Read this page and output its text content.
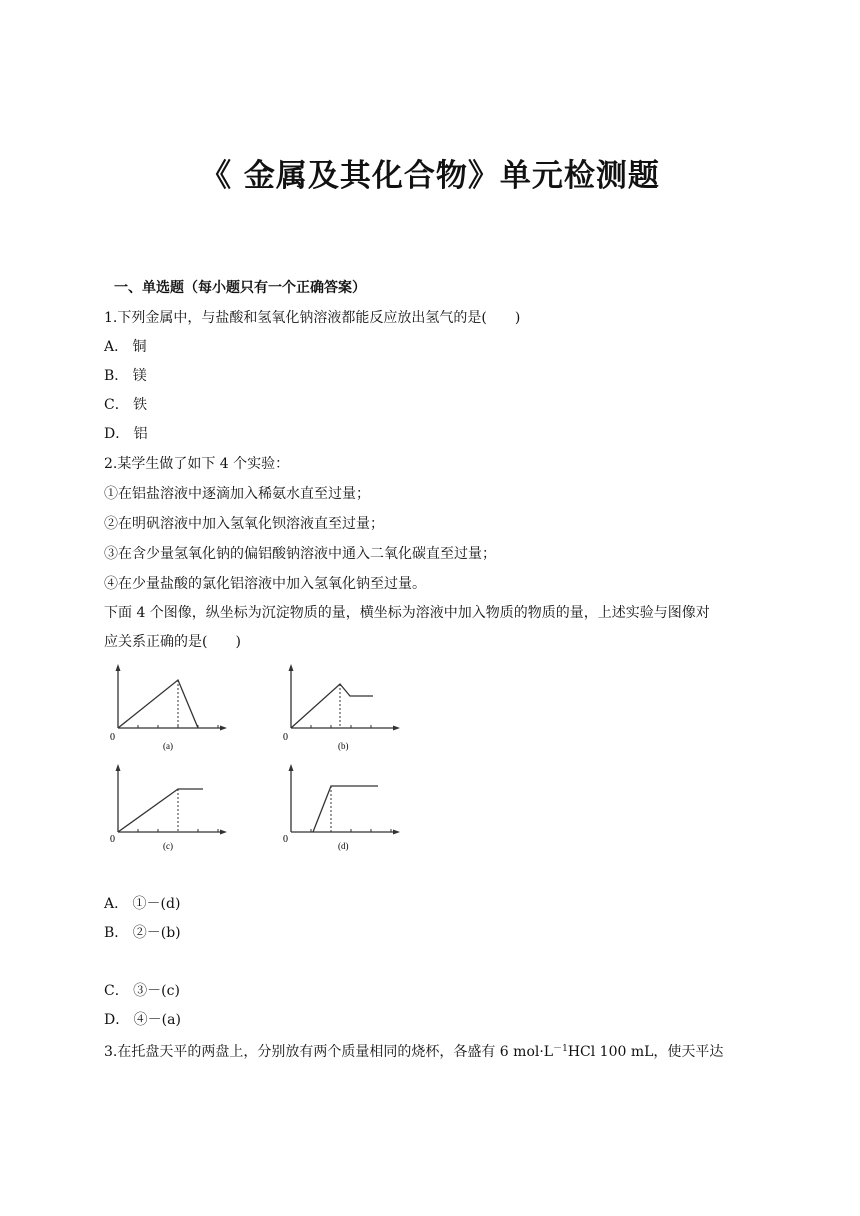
《 金属及其化合物》单元检测题
一、单选题（每小题只有一个正确答案）
1.下列金属中，与盐酸和氢氧化钠溶液都能反应放出氢气的是(　　)
A． 铜
B． 镁
C． 铁
D． 铝
2.某学生做了如下 4 个实验：
①在铝盐溶液中逐滴加入稀氨水直至过量；
②在明矾溶液中加入氢氧化钡溶液直至过量；
③在含少量氢氧化钠的偏铝酸钠溶液中通入二氧化碳直至过量；
④在少量盐酸的氯化铝溶液中加入氢氧化钠至过量。
下面 4 个图像，纵坐标为沉淀物质的量，横坐标为溶液中加入物质的物质的量，上述实验与图像对
应关系正确的是(　　)
0
(a)
0
(b)
0
(c)
0
(d)
A． ①－(d)
B． ②－(b)
C． ③－(c)
D． ④－(a)
3.在托盘天平的两盘上，分别放有两个质量相同的烧杯，各盛有 6 $mol\cdot L^{-1}HCl$ 100 mL，使天平达
